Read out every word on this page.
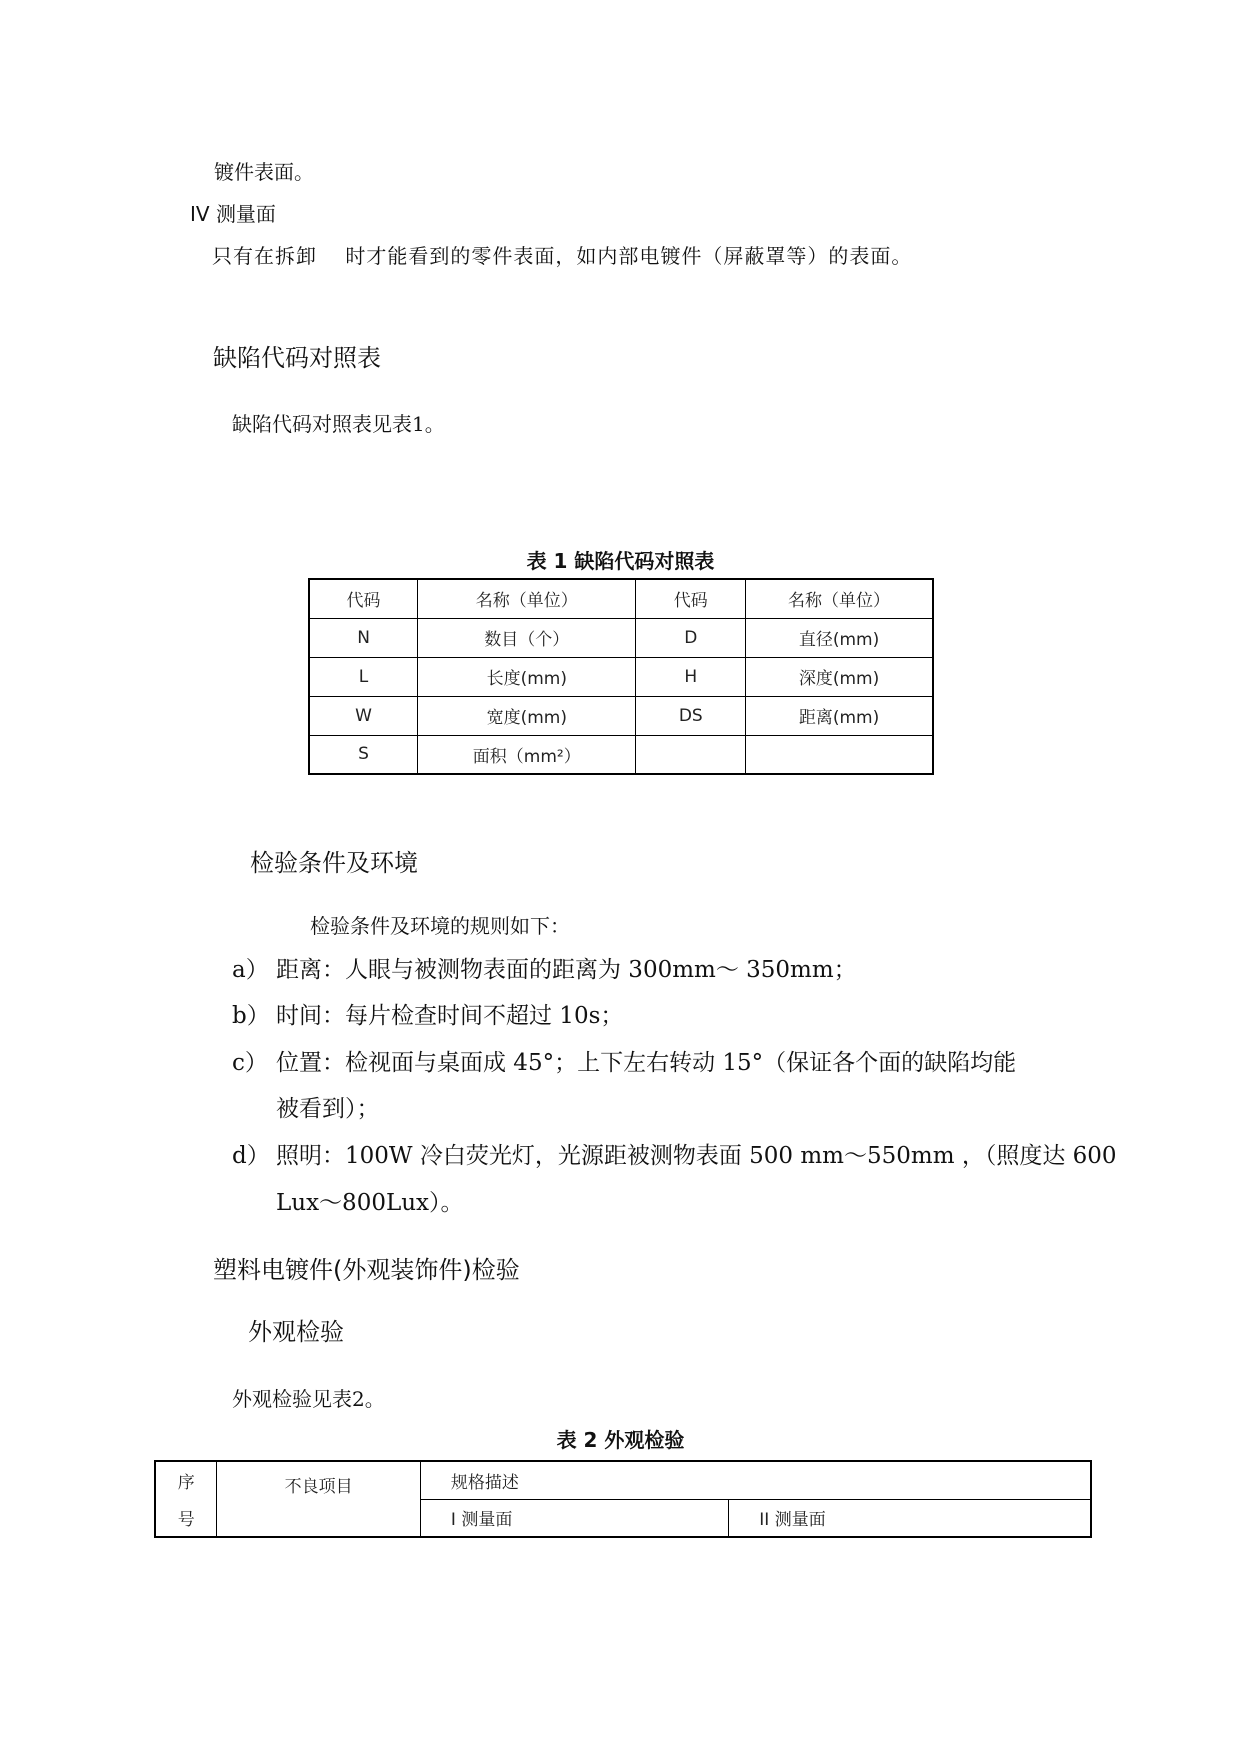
镀件表面。
IV 测量面
只有在拆卸　 时才能看到的零件表面，如内部电镀件（屏蔽罩等）的表面。
缺陷代码对照表
缺陷代码对照表见表1。
表 1 缺陷代码对照表
代码	名称（单位）	代码	名称（单位）
N	数目（个）	D	直径(mm)
L	长度(mm)	H	深度(mm)
W	宽度(mm)	DS	距离(mm)
S	面积（mm²）		
检验条件及环境
检验条件及环境的规则如下：
a） 距离：人眼与被测物表面的距离为 300mm～ 350mm；
b） 时间：每片检查时间不超过 10s；
c） 位置：检视面与桌面成 45°；上下左右转动 15°（保证各个面的缺陷均能
被看到）；
d） 照明：100W 冷白荧光灯，光源距被测物表面 500 mm～550mm ，（照度达 600
Lux～800Lux）。
塑料电镀件(外观装饰件)检验
外观检验
外观检验见表2。
表 2 外观检验
序	不良项目	规格描述	
号		I 测量面	II 测量面
